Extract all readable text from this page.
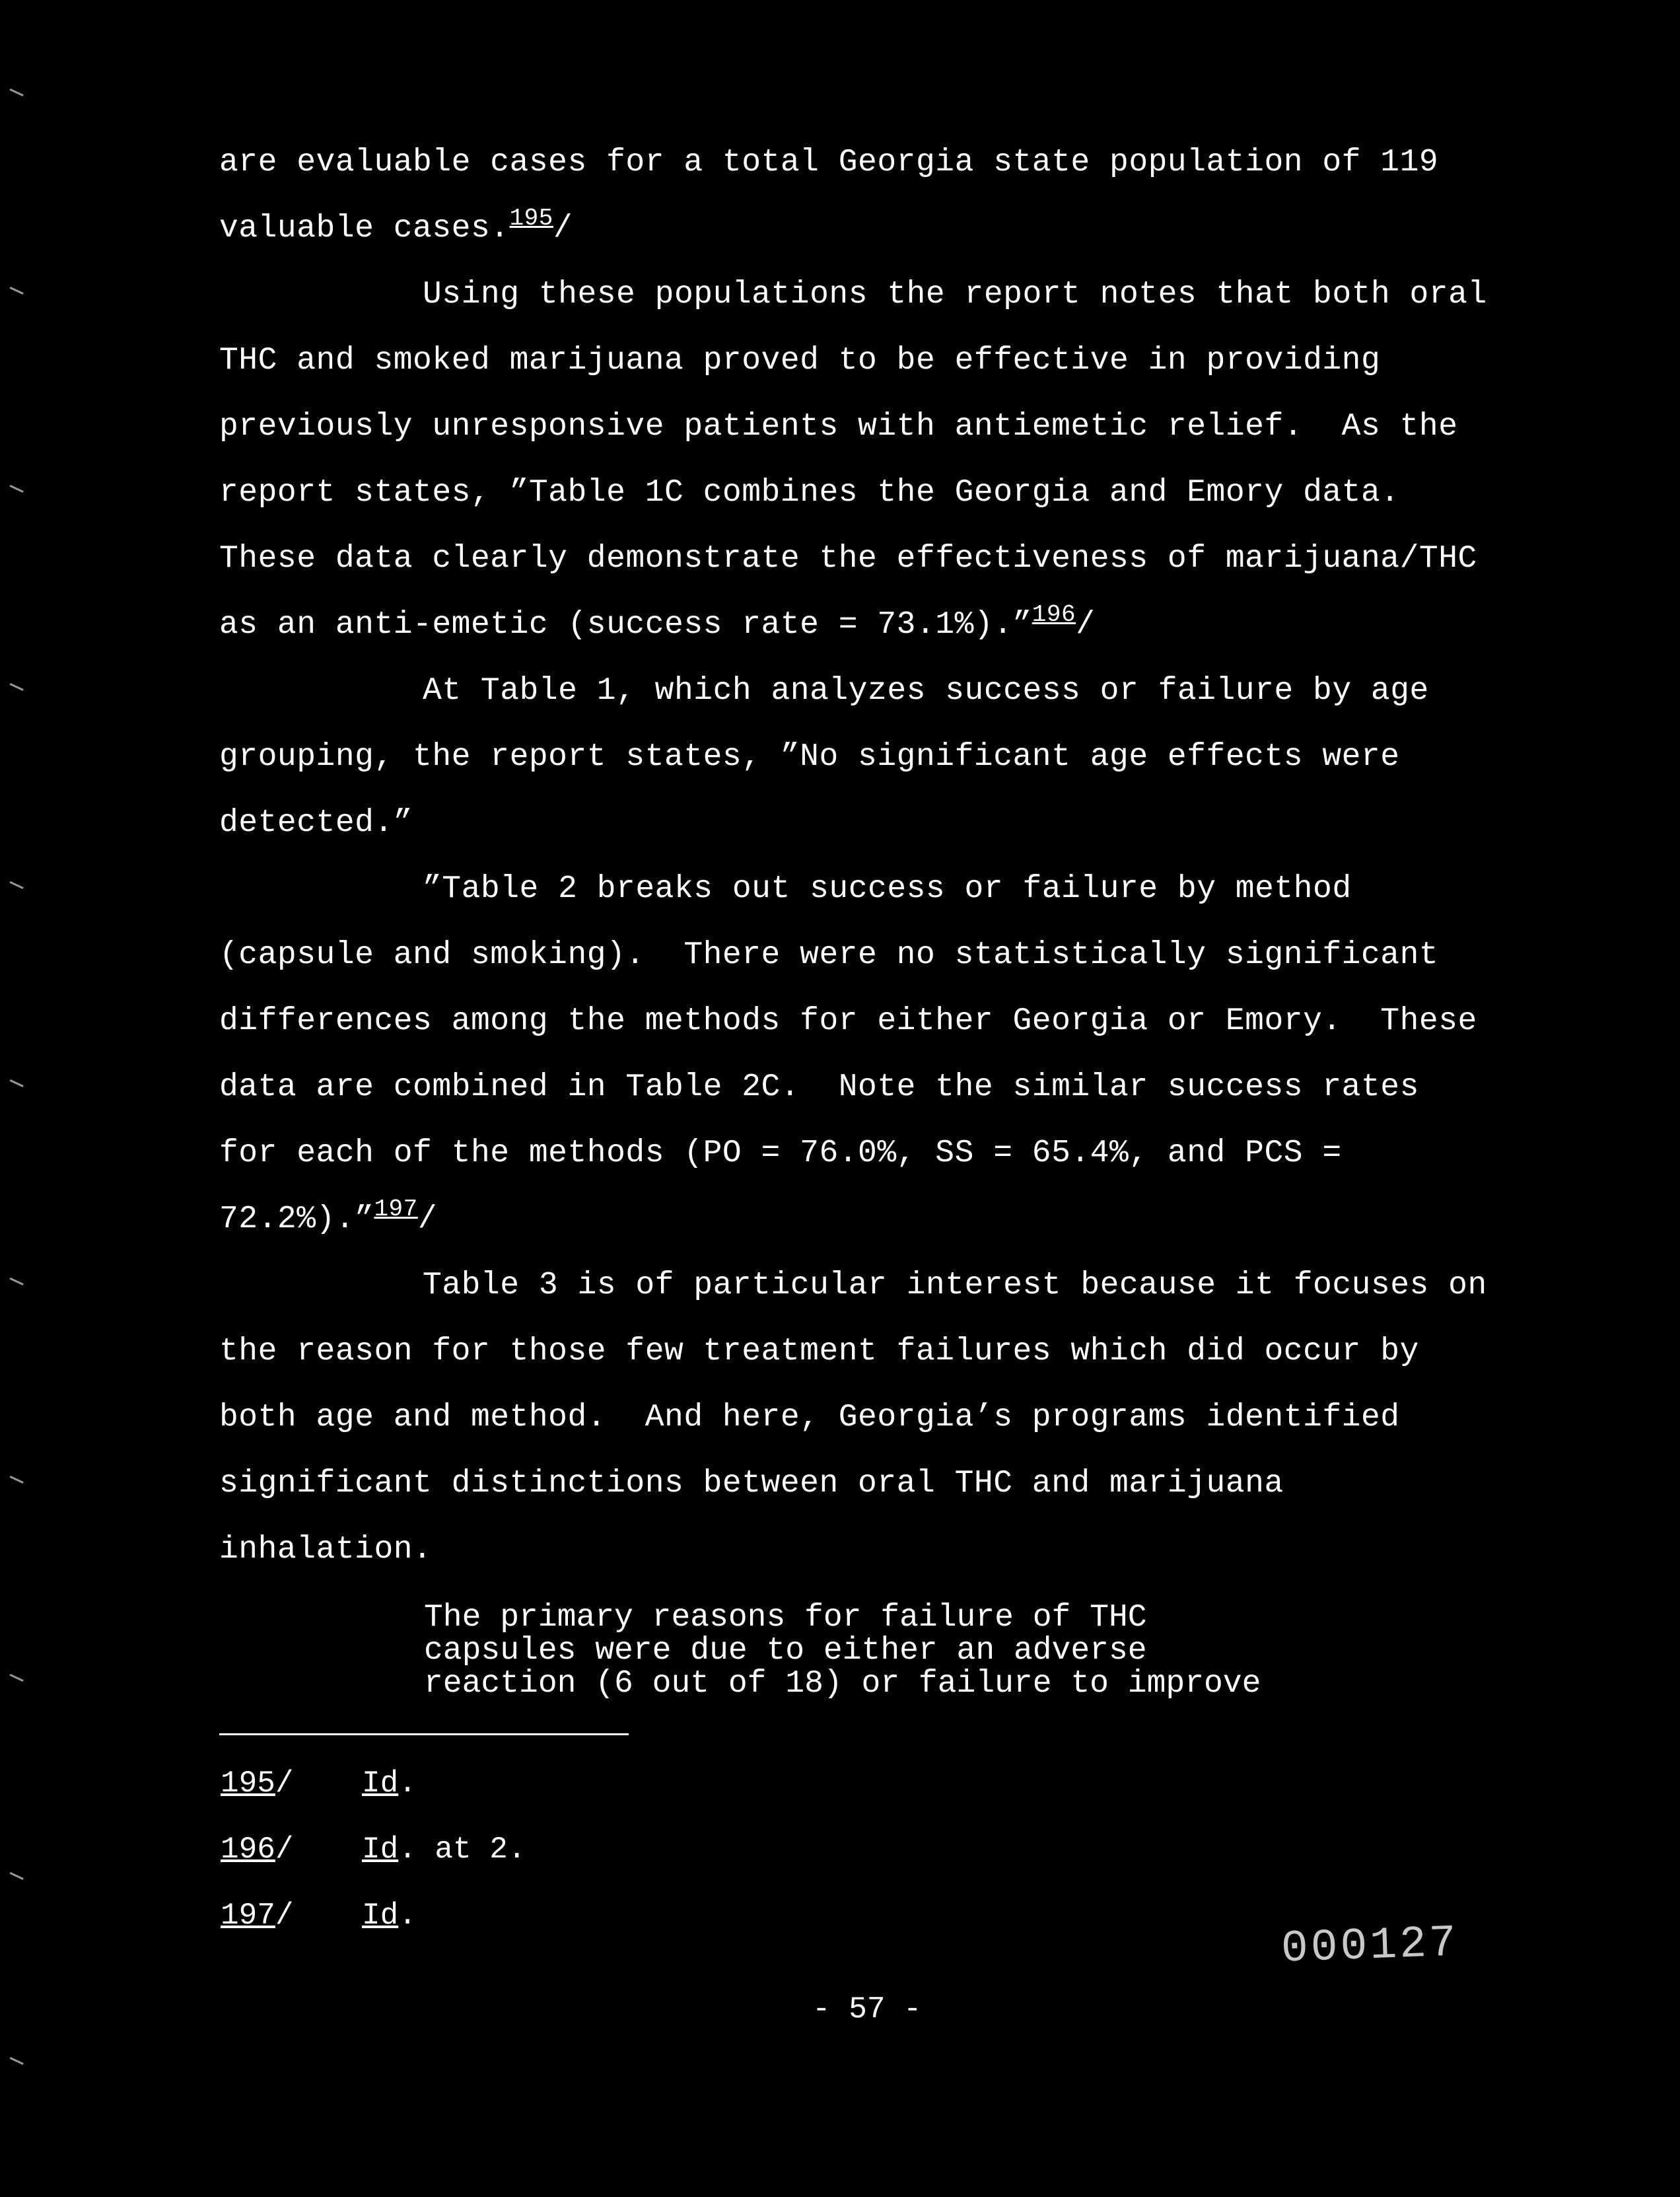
are evaluable cases for a total Georgia state population of 119
valuable cases.$^{195}$/
Using these populations the report notes that both oral
THC and smoked marijuana proved to be effective in providing
previously unresponsive patients with antiemetic relief.  As the
report states, ”Table 1C combines the Georgia and Emory data.
These data clearly demonstrate the effectiveness of marijuana/THC
as an anti-emetic (success rate = 73.1%).”$^{196}$/
At Table 1, which analyzes success or failure by age
grouping, the report states, ”No significant age effects were
detected.”
”Table 2 breaks out success or failure by method
(capsule and smoking).  There were no statistically significant
differences among the methods for either Georgia or Emory.  These
data are combined in Table 2C.  Note the similar success rates
for each of the methods (PO = 76.0%, SS = 65.4%, and PCS =
72.2%).”$^{197}$/
Table 3 is of particular interest because it focuses on
the reason for those few treatment failures which did occur by
both age and method.  And here, Georgia’s programs identified
significant distinctions between oral THC and marijuana
inhalation.
The primary reasons for failure of THC
capsules were due to either an adverse
reaction (6 out of 18) or failure to improve
195/ Id.
196/ Id. at 2.
197/ Id.
000127
- 57 -
